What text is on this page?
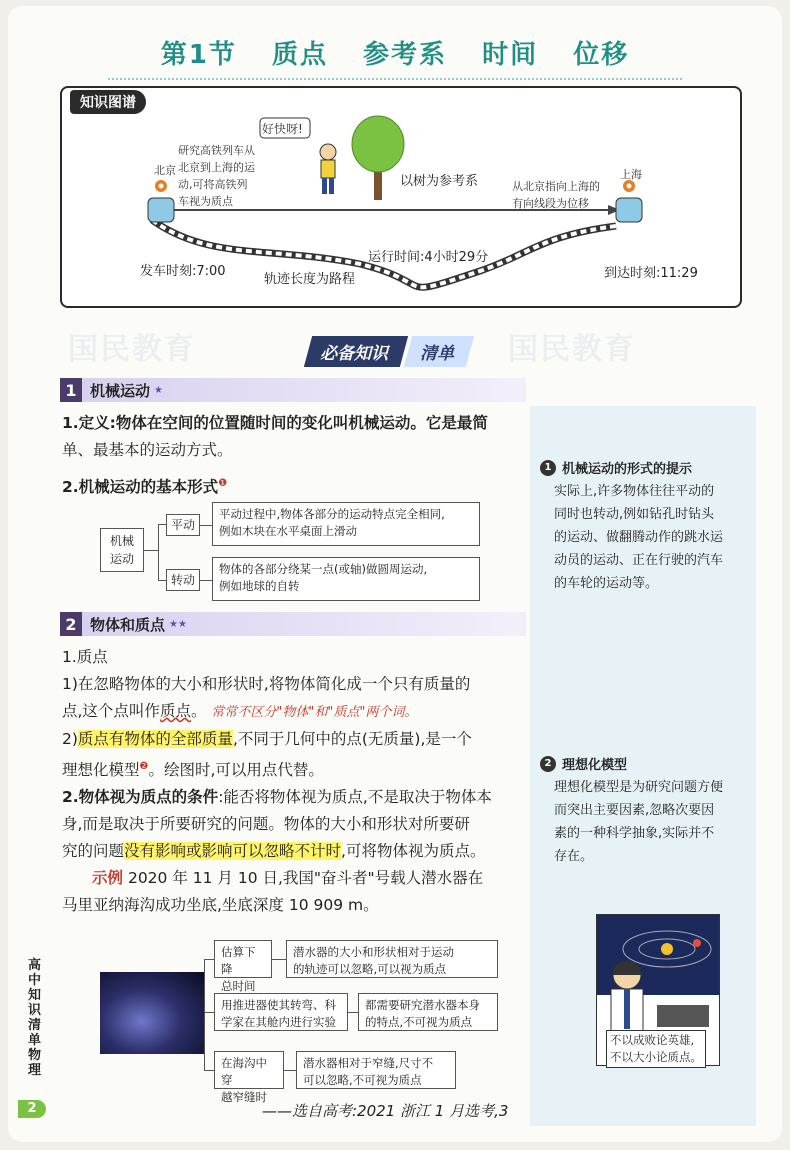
国民教育	国民教育
第1节 质点 参考系 时间 位移
知识图谱
好快呀!
研究高铁列车从
北京到上海的运
动,可将高铁列
车视为质点
北京	上海
以树为参考系	从北京指向上海的
有向线段为位移
运行时间:4小时29分
发车时刻:7:00	到达时刻:11:29
轨迹长度为路程
必备知识	清单
1 机械运动的形式的提示
实际上,许多物体往往平动的
同时也转动,例如钻孔时钻头
的运动、做翻腾动作的跳水运
动员的运动、正在行驶的汽车
的车轮的运动等。
2 理想化模型
理想化模型是为研究问题方便
而突出主要因素,忽略次要因
素的一种科学抽象,实际并不
存在。
不以成败论英雄,
不以大小论质点。
1 机械运动 ★
1.定义:物体在空间的位置随时间的变化叫机械运动。它是最简
单、最基本的运动方式。
2.机械运动的基本形式$^❶$
机械
运动
平动
转动
平动过程中,物体各部分的运动特点完全相同,
例如木块在水平桌面上滑动
物体的各部分绕某一点(或轴)做圆周运动,
例如地球的自转
2 物体和质点 ★★
1.质点
1)在忽略物体的大小和形状时,将物体简化成一个只有质量的
点,这个点叫作质点。 常常不区分"物体"和"质点"两个词。
2)质点有物体的全部质量,不同于几何中的点(无质量),是一个
理想化模型$^❷$。绘图时,可以用点代替。
2.物体视为质点的条件:能否将物体视为质点,不是取决于物体本
身,而是取决于所要研究的问题。物体的大小和形状对所要研
究的问题没有影响或影响可以忽略不计时,可将物体视为质点。
示例 2020 年 11 月 10 日,我国"奋斗者"号载人潜水器在
马里亚纳海沟成功坐底,坐底深度 10 909 m。
估算下降
总时间
潜水器的大小和形状相对于运动
的轨迹可以忽略,可以视为质点
用推进器使其转弯、科
学家在其舱内进行实验
都需要研究潜水器本身
的特点,不可视为质点
在海沟中穿
越窄缝时
潜水器相对于窄缝,尺寸不
可以忽略,不可视为质点
——选自高考:2021 浙江 1 月选考,3
高中知识清单物理
2
